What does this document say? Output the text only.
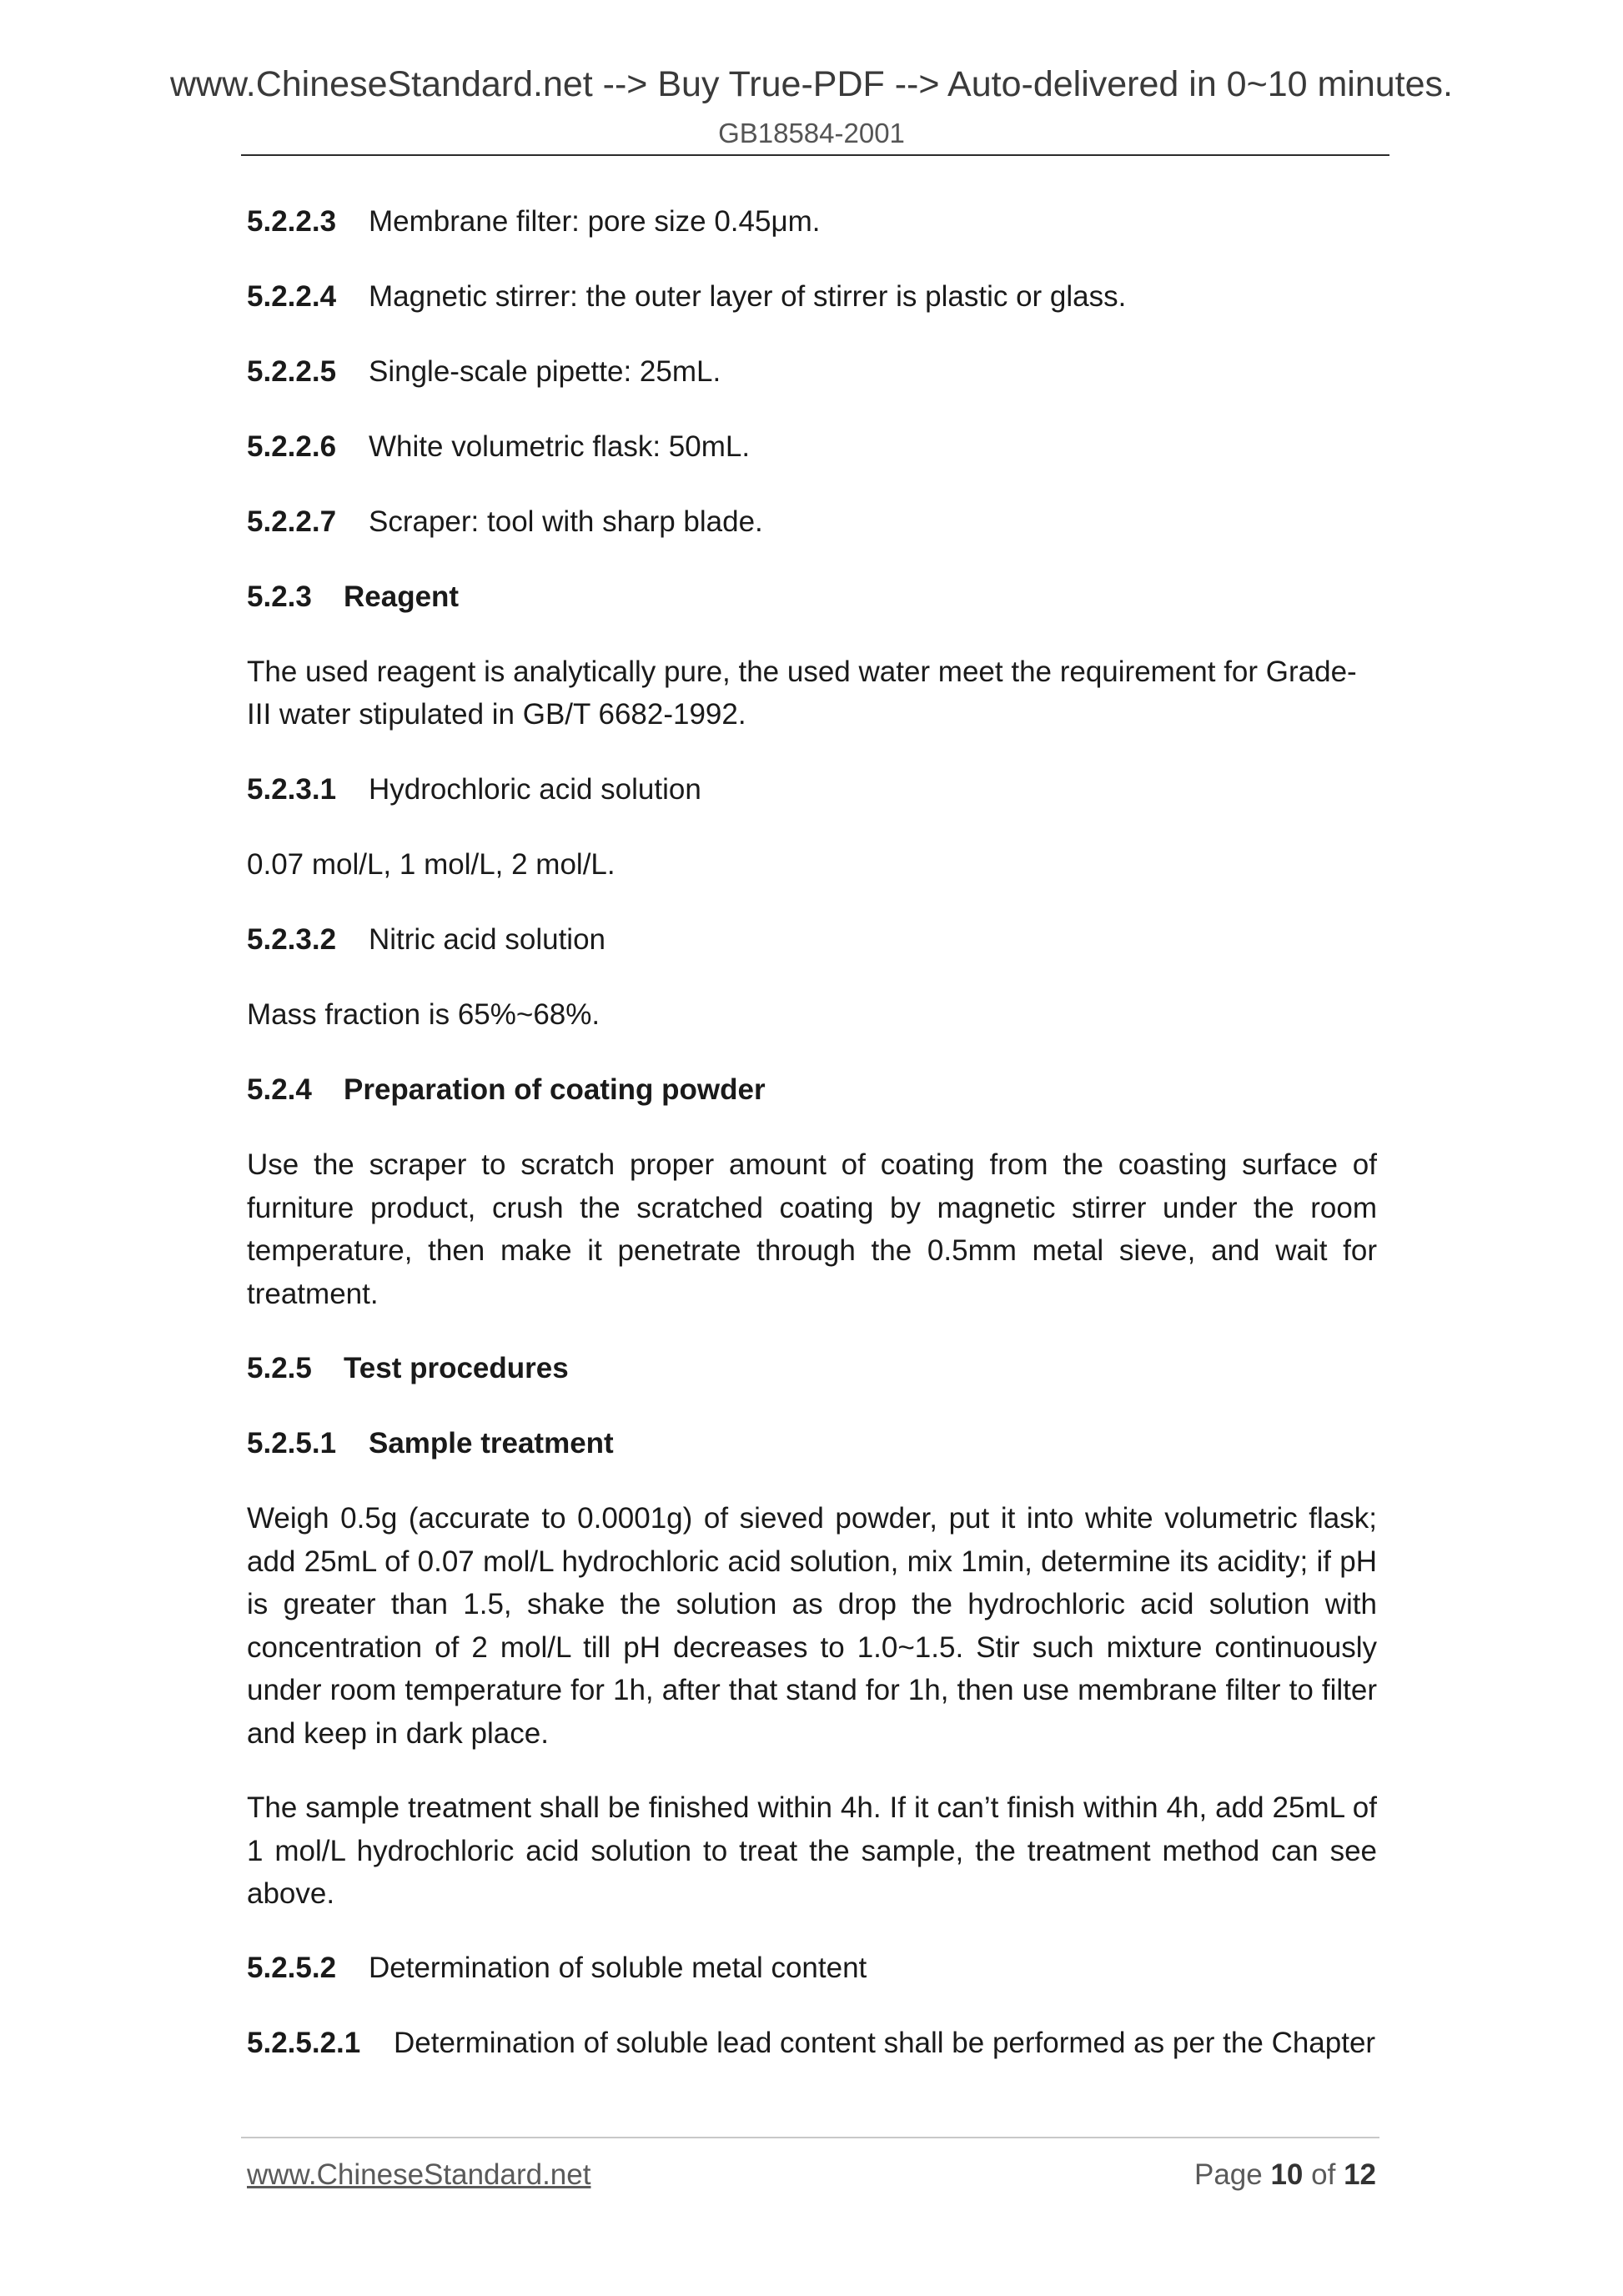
www.ChineseStandard.net --> Buy True-PDF --> Auto-delivered in 0~10 minutes.
GB18584-2001
5.2.2.3 Membrane filter: pore size 0.45μm.
5.2.2.4 Magnetic stirrer: the outer layer of stirrer is plastic or glass.
5.2.2.5 Single-scale pipette: 25mL.
5.2.2.6 White volumetric flask: 50mL.
5.2.2.7 Scraper: tool with sharp blade.
5.2.3 Reagent
The used reagent is analytically pure, the used water meet the requirement for Grade-
III water stipulated in GB/T 6682-1992.
5.2.3.1 Hydrochloric acid solution
0.07 mol/L, 1 mol/L, 2 mol/L.
5.2.3.2 Nitric acid solution
Mass fraction is 65%~68%.
5.2.4 Preparation of coating powder
Use the scraper to scratch proper amount of coating from the coasting surface of furniture product, crush the scratched coating by magnetic stirrer under the room temperature, then make it penetrate through the 0.5mm metal sieve, and wait for treatment.
5.2.5 Test procedures
5.2.5.1 Sample treatment
Weigh 0.5g (accurate to 0.0001g) of sieved powder, put it into white volumetric flask; add 25mL of 0.07 mol/L hydrochloric acid solution, mix 1min, determine its acidity; if pH is greater than 1.5, shake the solution as drop the hydrochloric acid solution with concentration of 2 mol/L till pH decreases to 1.0~1.5. Stir such mixture continuously under room temperature for 1h, after that stand for 1h, then use membrane filter to filter and keep in dark place.
The sample treatment shall be finished within 4h. If it can’t finish within 4h, add 25mL of 1 mol/L hydrochloric acid solution to treat the sample, the treatment method can see above.
5.2.5.2 Determination of soluble metal content
5.2.5.2.1 Determination of soluble lead content shall be performed as per the Chapter
www.ChineseStandard.net	Page 10 of 12
